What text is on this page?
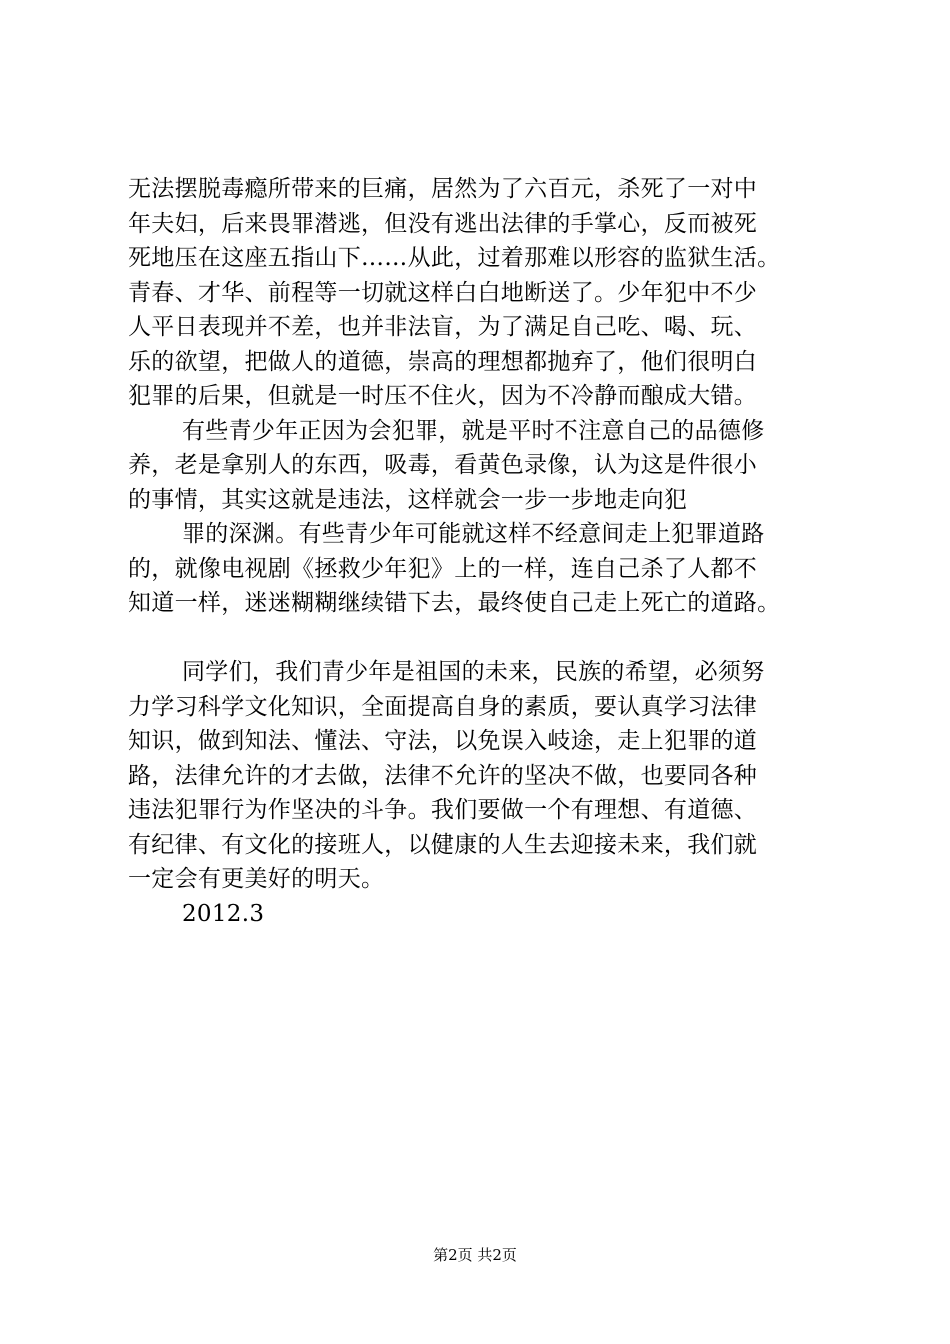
无法摆脱毒瘾所带来的巨痛，居然为了六百元，杀死了一对中
年夫妇，后来畏罪潜逃，但没有逃出法律的手掌心，反而被死
死地压在这座五指山下……从此，过着那难以形容的监狱生活。
青春、才华、前程等一切就这样白白地断送了。少年犯中不少
人平日表现并不差，也并非法盲，为了满足自己吃、喝、玩、
乐的欲望，把做人的道德，崇高的理想都抛弃了，他们很明白
犯罪的后果，但就是一时压不住火，因为不冷静而酿成大错。
有些青少年正因为会犯罪，就是平时不注意自己的品德修
养，老是拿别人的东西，吸毒，看黄色录像，认为这是件很小
的事情，其实这就是违法，这样就会一步一步地走向犯
罪的深渊。有些青少年可能就这样不经意间走上犯罪道路
的，就像电视剧《拯救少年犯》上的一样，连自己杀了人都不
知道一样，迷迷糊糊继续错下去，最终使自己走上死亡的道路。
同学们，我们青少年是祖国的未来，民族的希望，必须努
力学习科学文化知识，全面提高自身的素质，要认真学习法律
知识，做到知法、懂法、守法，以免误入岐途，走上犯罪的道
路，法律允许的才去做，法律不允许的坚决不做，也要同各种
违法犯罪行为作坚决的斗争。我们要做一个有理想、有道德、
有纪律、有文化的接班人，以健康的人生去迎接未来，我们就
一定会有更美好的明天。
2012.3
第2页 共2页
